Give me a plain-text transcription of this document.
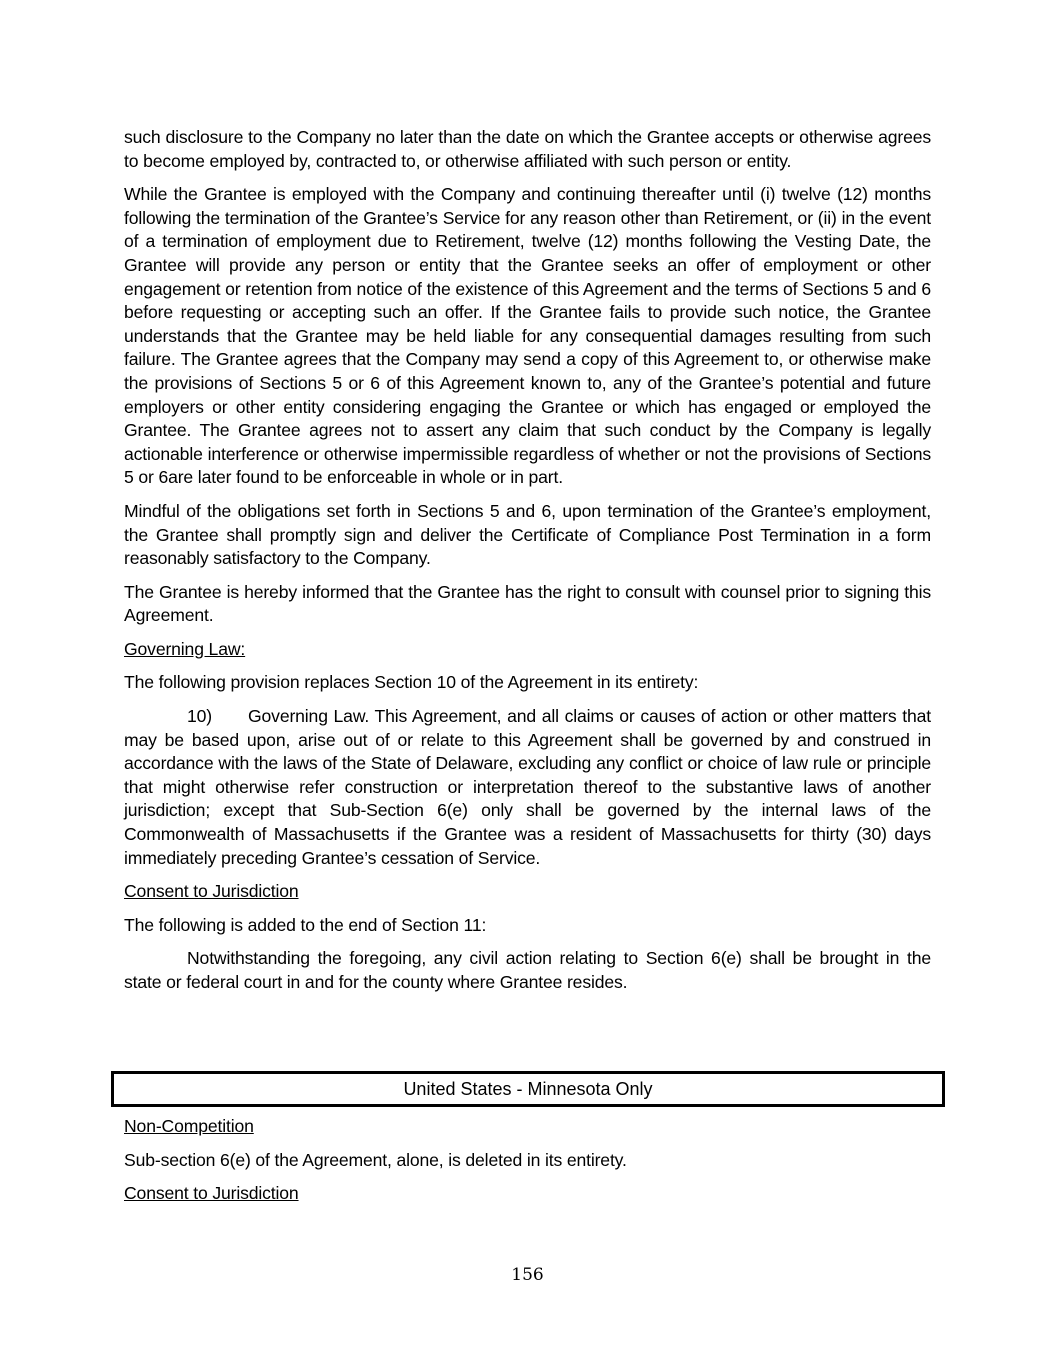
such disclosure to the Company no later than the date on which the Grantee accepts or otherwise agrees to become employed by, contracted to, or otherwise affiliated with such person or entity.

While the Grantee is employed with the Company and continuing thereafter until (i) twelve (12) months following the termination of the Grantee’s Service for any reason other than Retirement, or (ii) in the event of a termination of employment due to Retirement, twelve (12) months following the Vesting Date, the Grantee will provide any person or entity that the Grantee seeks an offer of employment or other engagement or retention from notice of the existence of this Agreement and the terms of Sections 5 and 6 before requesting or accepting such an offer. If the Grantee fails to provide such notice, the Grantee understands that the Grantee may be held liable for any consequential damages resulting from such failure. The Grantee agrees that the Company may send a copy of this Agreement to, or otherwise make the provisions of Sections 5 or 6 of this Agreement known to, any of the Grantee’s potential and future employers or other entity considering engaging the Grantee or which has engaged or employed the Grantee. The Grantee agrees not to assert any claim that such conduct by the Company is legally actionable interference or otherwise impermissible regardless of whether or not the provisions of Sections 5 or 6are later found to be enforceable in whole or in part.

Mindful of the obligations set forth in Sections 5 and 6, upon termination of the Grantee’s employment, the Grantee shall promptly sign and deliver the Certificate of Compliance Post Termination in a form reasonably satisfactory to the Company.

The Grantee is hereby informed that the Grantee has the right to consult with counsel prior to signing this Agreement.

Governing Law:

The following provision replaces Section 10 of the Agreement in its entirety:

10) Governing Law. This Agreement, and all claims or causes of action or other matters that may be based upon, arise out of or relate to this Agreement shall be governed by and construed in accordance with the laws of the State of Delaware, excluding any conflict or choice of law rule or principle that might otherwise refer construction or interpretation thereof to the substantive laws of another jurisdiction; except that Sub-Section 6(e) only shall be governed by the internal laws of the Commonwealth of Massachusetts if the Grantee was a resident of Massachusetts for thirty (30) days immediately preceding Grantee’s cessation of Service.

Consent to Jurisdiction

The following is added to the end of Section 11:

Notwithstanding the foregoing, any civil action relating to Section 6(e) shall be brought in the state or federal court in and for the county where Grantee resides.

United States - Minnesota Only

Non-Competition

Sub-section 6(e) of the Agreement, alone, is deleted in its entirety.

Consent to Jurisdiction

156
